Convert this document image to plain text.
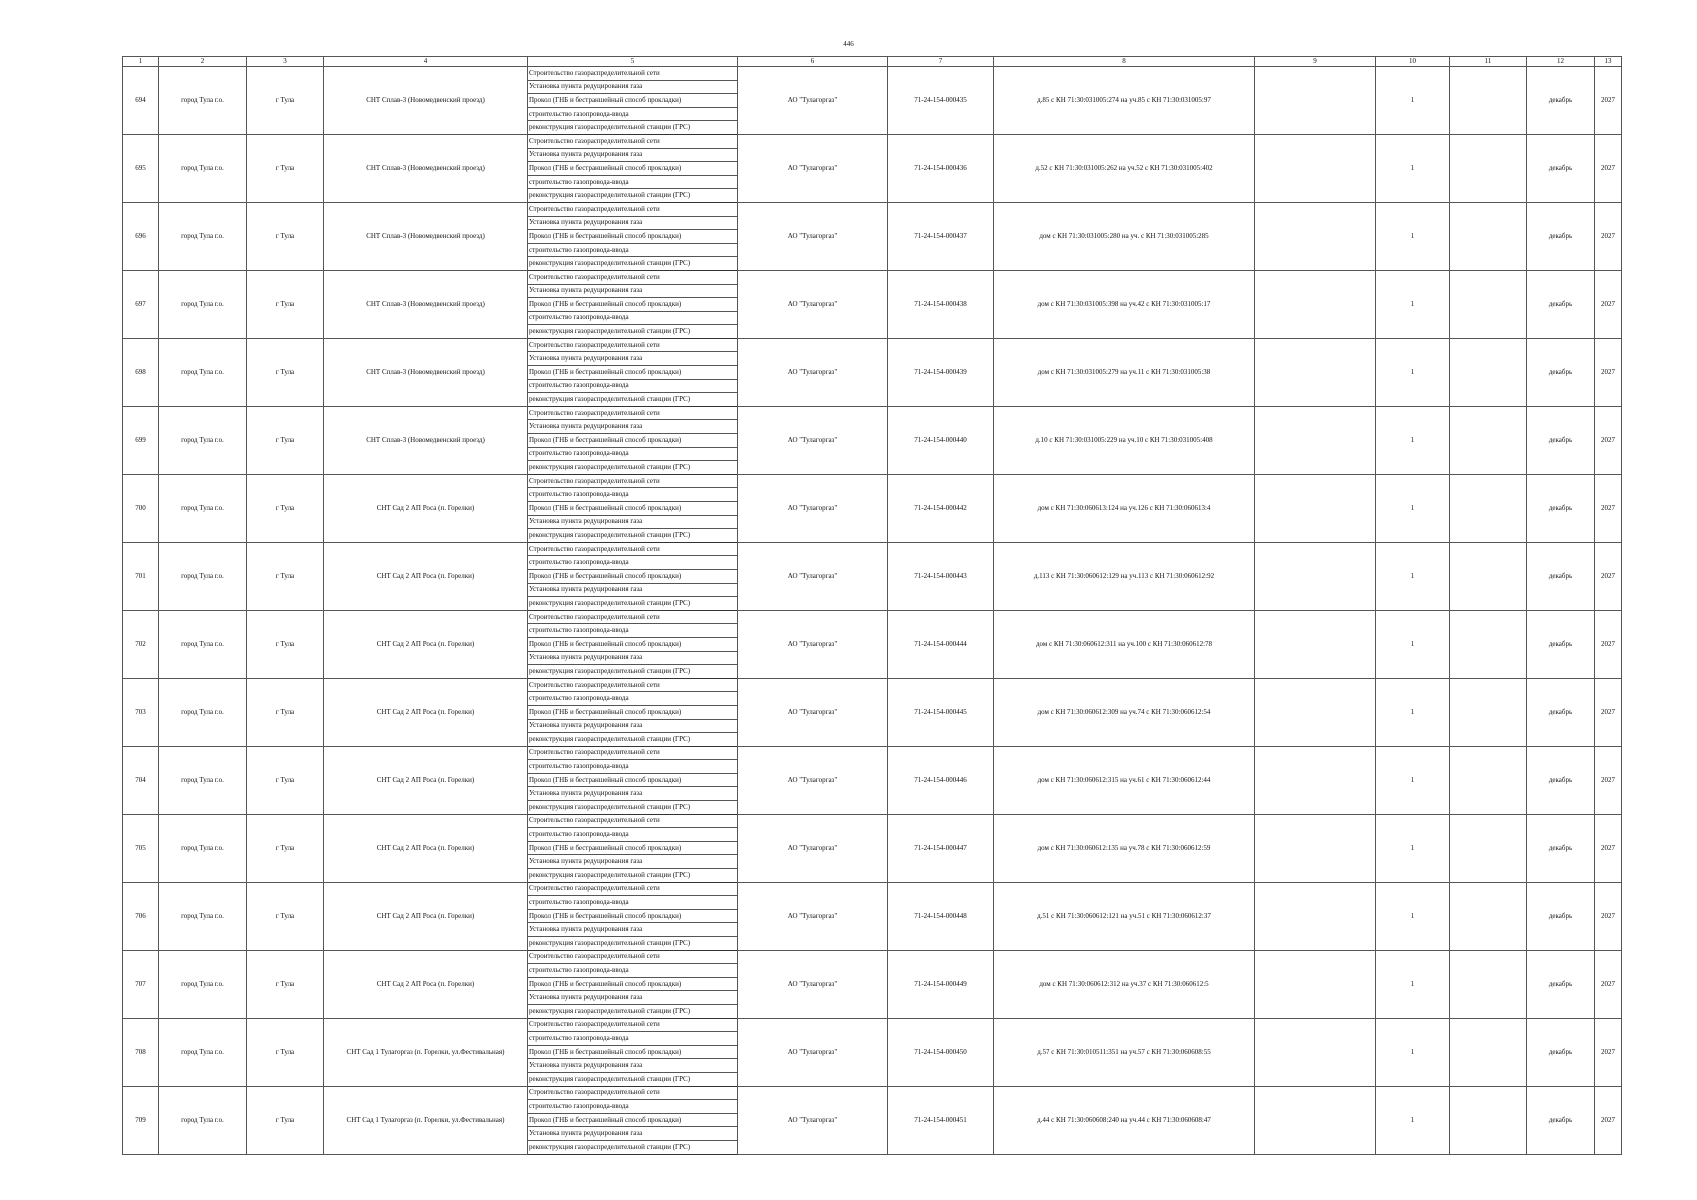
446
1	2	3	4	5	6	7	8	9	10	11	12	13
694	город Тула г.о.	г Тула	СНТ Сплав-3 (Новомедвенский проезд)	Строительство газораспределительной сети	АО "Тулагоргаз"	71-24-154-000435	д.85 с КН 71:30:031005:274 на уч.85 с КН 71:30:031005:97		1		декабрь	2027
				Установка пункта редуцирования газа								
				Прокол (ГНБ и бестраншейный способ прокладки)								
				строительство газопровода-ввода								
				реконструкция газораспределительной станции (ГРС)								
695	город Тула г.о.	г Тула	СНТ Сплав-3 (Новомедвенский проезд)	Строительство газораспределительной сети	АО "Тулагоргаз"	71-24-154-000436	д.52 с КН 71:30:031005:262 на уч.52 с КН 71:30:031005:402		1		декабрь	2027
				Установка пункта редуцирования газа								
				Прокол (ГНБ и бестраншейный способ прокладки)								
				строительство газопровода-ввода								
				реконструкция газораспределительной станции (ГРС)								
696	город Тула г.о.	г Тула	СНТ Сплав-3 (Новомедвенский проезд)	Строительство газораспределительной сети	АО "Тулагоргаз"	71-24-154-000437	дом с КН 71:30:031005:280 на уч. с КН 71:30:031005:285		1		декабрь	2027
				Установка пункта редуцирования газа								
				Прокол (ГНБ и бестраншейный способ прокладки)								
				строительство газопровода-ввода								
				реконструкция газораспределительной станции (ГРС)								
697	город Тула г.о.	г Тула	СНТ Сплав-3 (Новомедвенский проезд)	Строительство газораспределительной сети	АО "Тулагоргаз"	71-24-154-000438	дом с КН 71:30:031005:398 на уч.42 с КН 71:30:031005:17		1		декабрь	2027
				Установка пункта редуцирования газа								
				Прокол (ГНБ и бестраншейный способ прокладки)								
				строительство газопровода-ввода								
				реконструкция газораспределительной станции (ГРС)								
698	город Тула г.о.	г Тула	СНТ Сплав-3 (Новомедвенский проезд)	Строительство газораспределительной сети	АО "Тулагоргаз"	71-24-154-000439	дом с КН 71:30:031005:279 на уч.11 с КН 71:30:031005:38		1		декабрь	2027
				Установка пункта редуцирования газа								
				Прокол (ГНБ и бестраншейный способ прокладки)								
				строительство газопровода-ввода								
				реконструкция газораспределительной станции (ГРС)								
699	город Тула г.о.	г Тула	СНТ Сплав-3 (Новомедвенский проезд)	Строительство газораспределительной сети	АО "Тулагоргаз"	71-24-154-000440	д.10 с КН 71:30:031005:229 на уч.10 с КН 71:30:031005:408		1		декабрь	2027
				Установка пункта редуцирования газа								
				Прокол (ГНБ и бестраншейный способ прокладки)								
				строительство газопровода-ввода								
				реконструкция газораспределительной станции (ГРС)								
700	город Тула г.о.	г Тула	СНТ Сад 2 АП Роса (п. Горелки)	Строительство газораспределительной сети	АО "Тулагоргаз"	71-24-154-000442	дом с КН 71:30:060613:124 на уч.126 с КН 71:30:060613:4		1		декабрь	2027
				строительство газопровода-ввода								
				Прокол (ГНБ и бестраншейный способ прокладки)								
				Установка пункта редуцирования газа								
				реконструкция газораспределительной станции (ГРС)								
701	город Тула г.о.	г Тула	СНТ Сад 2 АП Роса (п. Горелки)	Строительство газораспределительной сети	АО "Тулагоргаз"	71-24-154-000443	д.113 с КН 71:30:060612:129 на уч.113 с КН 71:30:060612:92		1		декабрь	2027
				строительство газопровода-ввода								
				Прокол (ГНБ и бестраншейный способ прокладки)								
				Установка пункта редуцирования газа								
				реконструкция газораспределительной станции (ГРС)								
702	город Тула г.о.	г Тула	СНТ Сад 2 АП Роса (п. Горелки)	Строительство газораспределительной сети	АО "Тулагоргаз"	71-24-154-000444	дом с КН 71:30:060612:311 на уч.100 с КН 71:30:060612:78		1		декабрь	2027
				строительство газопровода-ввода								
				Прокол (ГНБ и бестраншейный способ прокладки)								
				Установка пункта редуцирования газа								
				реконструкция газораспределительной станции (ГРС)								
703	город Тула г.о.	г Тула	СНТ Сад 2 АП Роса (п. Горелки)	Строительство газораспределительной сети	АО "Тулагоргаз"	71-24-154-000445	дом с КН 71:30:060612:309 на уч.74 с КН 71:30:060612:54		1		декабрь	2027
				строительство газопровода-ввода								
				Прокол (ГНБ и бестраншейный способ прокладки)								
				Установка пункта редуцирования газа								
				реконструкция газораспределительной станции (ГРС)								
704	город Тула г.о.	г Тула	СНТ Сад 2 АП Роса (п. Горелки)	Строительство газораспределительной сети	АО "Тулагоргаз"	71-24-154-000446	дом с КН 71:30:060612:315 на уч.61 с КН 71:30:060612:44		1		декабрь	2027
				строительство газопровода-ввода								
				Прокол (ГНБ и бестраншейный способ прокладки)								
				Установка пункта редуцирования газа								
				реконструкция газораспределительной станции (ГРС)								
705	город Тула г.о.	г Тула	СНТ Сад 2 АП Роса (п. Горелки)	Строительство газораспределительной сети	АО "Тулагоргаз"	71-24-154-000447	дом с КН 71:30:060612:135 на уч.78 с КН 71:30:060612:59		1		декабрь	2027
				строительство газопровода-ввода								
				Прокол (ГНБ и бестраншейный способ прокладки)								
				Установка пункта редуцирования газа								
				реконструкция газораспределительной станции (ГРС)								
706	город Тула г.о.	г Тула	СНТ Сад 2 АП Роса (п. Горелки)	Строительство газораспределительной сети	АО "Тулагоргаз"	71-24-154-000448	д.51 с КН 71:30:060612:121 на уч.51 с КН 71:30:060612:37		1		декабрь	2027
				строительство газопровода-ввода								
				Прокол (ГНБ и бестраншейный способ прокладки)								
				Установка пункта редуцирования газа								
				реконструкция газораспределительной станции (ГРС)								
707	город Тула г.о.	г Тула	СНТ Сад 2 АП Роса (п. Горелки)	Строительство газораспределительной сети	АО "Тулагоргаз"	71-24-154-000449	дом с КН 71:30:060612:312 на уч.37 с КН 71:30:060612:5		1		декабрь	2027
				строительство газопровода-ввода								
				Прокол (ГНБ и бестраншейный способ прокладки)								
				Установка пункта редуцирования газа								
				реконструкция газораспределительной станции (ГРС)								
708	город Тула г.о.	г Тула	СНТ Сад 1 Тулагоргаз (п. Горелки, ул.Фестивальная)	Строительство газораспределительной сети	АО "Тулагоргаз"	71-24-154-000450	д.57 с КН 71:30:010511:351 на уч.57 с КН 71:30:060608:55		1		декабрь	2027
				строительство газопровода-ввода								
				Прокол (ГНБ и бестраншейный способ прокладки)								
				Установка пункта редуцирования газа								
				реконструкция газораспределительной станции (ГРС)								
709	город Тула г.о.	г Тула	СНТ Сад 1 Тулагоргаз (п. Горелки, ул.Фестивальная)	Строительство газораспределительной сети	АО "Тулагоргаз"	71-24-154-000451	д.44 с КН 71:30:060608:240 на уч.44 с КН 71:30:060608:47		1		декабрь	2027
				строительство газопровода-ввода								
				Прокол (ГНБ и бестраншейный способ прокладки)								
				Установка пункта редуцирования газа								
				реконструкция газораспределительной станции (ГРС)								
